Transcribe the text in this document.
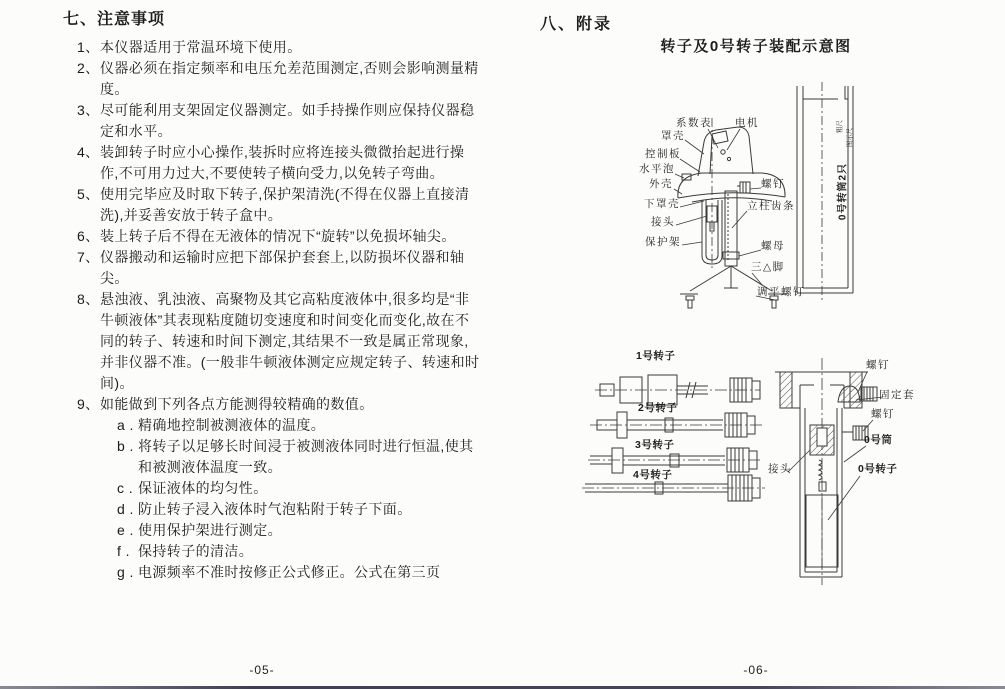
七、注意事项
1、 本仪器适用于常温环境下使用。
2、 仪器必须在指定频率和电压允差范围测定,否则会影响测量精度。
3、 尽可能利用支架固定仪器测定。如手持操作则应保持仪器稳定和水平。
4、 装卸转子时应小心操作,装拆时应将连接头微微抬起进行操作,不可用力过大,不要使转子横向受力,以免转子弯曲。
5、 使用完毕应及时取下转子,保护架清洗(不得在仪器上直接清洗),并妥善安放于转子盒中。
6、 装上转子后不得在无液体的情况下“旋转”以免损坏轴尖。
7、 仪器搬动和运输时应把下部保护套套上,以防损坏仪器和轴尖。
8、 悬浊液、乳浊液、高聚物及其它高粘度液体中,很多均是“非牛顿液体”其表现粘度随切变速度和时间变化而变化,故在不同的转子、转速和时间下测定,其结果不一致是属正常现象,并非仪器不准。(一般非牛顿液体测定应规定转子、转速和时间)。
9、 如能做到下列各点方能测得较精确的数值。
a . 精确地控制被测液体的温度。
b . 将转子以足够长时间浸于被测液体同时进行恒温,使其和被测液体温度一致。
c . 保证液体的均匀性。
d . 防止转子浸入液体时气泡粘附于转子下面。
e . 使用保护架进行测定。
f . 保持转子的清洁。
g . 电源频率不准时按修正公式修正。公式在第三页
-05-
八、附录
转子及0号转子装配示意图
系数表 电机
罩壳
控制板
水平泡
外壳	螺钉
下罩壳	立柱齿条
接头
保护架	螺母
三△脚
调平螺钉
0号转筒2只
粗尺
图示尺
1号转子
2号转子
3号转子
4号转子
螺钉
固定套
螺钉
0号筒
接头	0号转子
-06-
